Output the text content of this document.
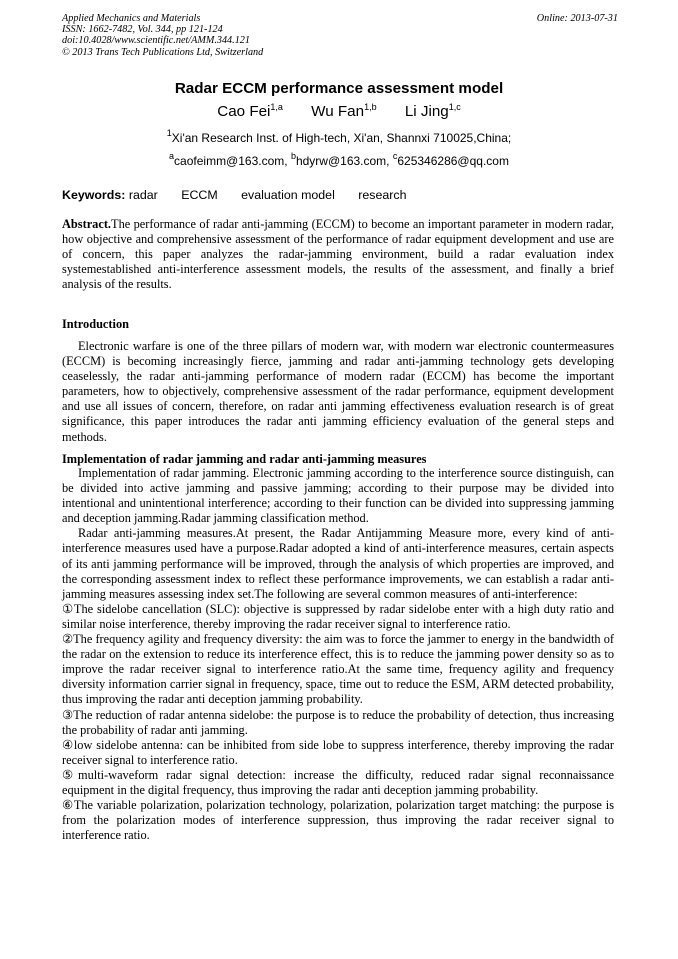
Applied Mechanics and Materials
ISSN: 1662-7482, Vol. 344, pp 121-124
doi:10.4028/www.scientific.net/AMM.344.121
© 2013 Trans Tech Publications Ltd, Switzerland
Online: 2013-07-31
Radar ECCM performance assessment model
Cao Fei$^{1,a}$ Wu Fan$^{1,b}$ Li Jing$^{1,c}$
$^1$Xi'an Research Inst. of High-tech, Xi'an, Shannxi 710025,China;
$^a$caofeimm@163.com, $^b$hdyrw@163.com, $^c$625346286@qq.com
Keywords: radar ECCM evaluation model research
Abstract.The performance of radar anti-jamming (ECCM) to become an important parameter in modern radar, how objective and comprehensive assessment of the performance of radar equipment development and use are of concern, this paper analyzes the radar-jamming environment, build a radar evaluation index systemestablished anti-interference assessment models, the results of the assessment, and finally a brief analysis of the results.
Introduction
Electronic warfare is one of the three pillars of modern war, with modern war electronic countermeasures (ECCM) is becoming increasingly fierce, jamming and radar anti-jamming technology gets developing ceaselessly, the radar anti-jamming performance of modern radar (ECCM) has become the important parameters, how to objectively, comprehensive assessment of the radar performance, equipment development and use all issues of concern, therefore, on radar anti jamming effectiveness evaluation research is of great significance, this paper introduces the radar anti jamming efficiency evaluation of the general steps and methods.
Implementation of radar jamming and radar anti-jamming measures

Implementation of radar jamming. Electronic jamming according to the interference source distinguish, can be divided into active jamming and passive jamming; according to their purpose may be divided into intentional and unintentional interference; according to their function can be divided into suppressing jamming and deception jamming.Radar jamming classification method.

Radar anti-jamming measures.At present, the Radar Antijamming Measure more, every kind of anti-interference measures used have a purpose.Radar adopted a kind of anti-interference measures, certain aspects of its anti jamming performance will be improved, through the analysis of which properties are improved, and the corresponding assessment index to reflect these performance improvements, we can establish a radar anti-jamming measures assessing index set.The following are several common measures of anti-interference:

①The sidelobe cancellation (SLC): objective is suppressed by radar sidelobe enter with a high duty ratio and similar noise interference, thereby improving the radar receiver signal to interference ratio.

②The frequency agility and frequency diversity: the aim was to force the jammer to energy in the bandwidth of the radar on the extension to reduce its interference effect, this is to reduce the jamming power density so as to improve the radar receiver signal to interference ratio.At the same time, frequency agility and frequency diversity information carrier signal in frequency, space, time out to reduce the ESM, ARM detected probability, thus improving the radar anti deception jamming probability.

③The reduction of radar antenna sidelobe: the purpose is to reduce the probability of detection, thus increasing the probability of radar anti jamming.

④low sidelobe antenna: can be inhibited from side lobe to suppress interference, thereby improving the radar receiver signal to interference ratio.

⑤multi-waveform radar signal detection: increase the difficulty, reduced radar signal reconnaissance equipment in the digital frequency, thus improving the radar anti deception jamming probability.

⑥The variable polarization, polarization technology, polarization, polarization target matching: the purpose is from the polarization modes of interference suppression, thus improving the radar receiver signal to interference ratio.
